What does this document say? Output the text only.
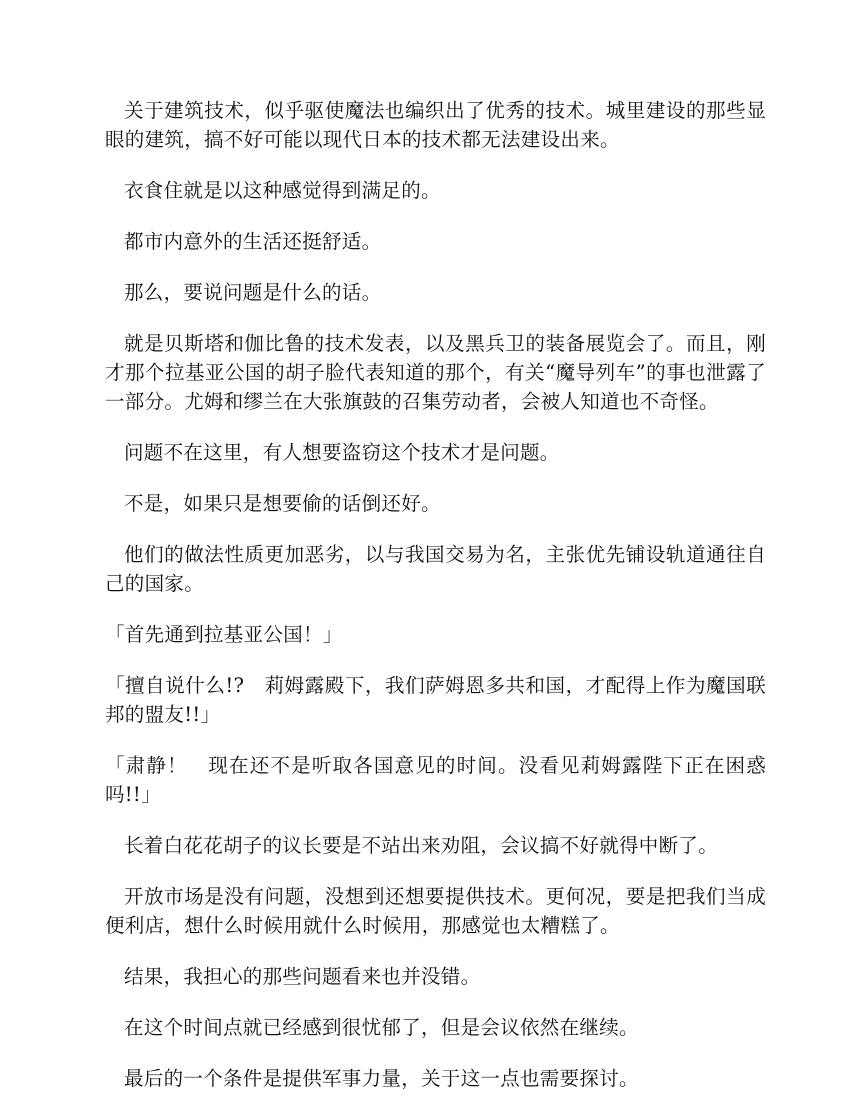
关于建筑技术，似乎驱使魔法也编织出了优秀的技术。城里建设的那些显眼的建筑，搞不好可能以现代日本的技术都无法建设出来。

衣食住就是以这种感觉得到满足的。

都市内意外的生活还挺舒适。

那么，要说问题是什么的话。

就是贝斯塔和伽比鲁的技术发表，以及黑兵卫的装备展览会了。而且，刚才那个拉基亚公国的胡子脸代表知道的那个，有关“魔导列车”的事也泄露了一部分。尤姆和缪兰在大张旗鼓的召集劳动者，会被人知道也不奇怪。

问题不在这里，有人想要盗窃这个技术才是问题。

不是，如果只是想要偷的话倒还好。

他们的做法性质更加恶劣，以与我国交易为名，主张优先铺设轨道通往自己的国家。

「首先通到拉基亚公国！」

「擅自说什么!?　莉姆露殿下，我们萨姆恩多共和国，才配得上作为魔国联邦的盟友!!」

「肃静！　现在还不是听取各国意见的时间。没看见莉姆露陛下正在困惑吗!!」

长着白花花胡子的议长要是不站出来劝阻，会议搞不好就得中断了。

开放市场是没有问题，没想到还想要提供技术。更何况，要是把我们当成便利店，想什么时候用就什么时候用，那感觉也太糟糕了。

结果，我担心的那些问题看来也并没错。

在这个时间点就已经感到很忧郁了，但是会议依然在继续。

最后的一个条件是提供军事力量，关于这一点也需要探讨。
